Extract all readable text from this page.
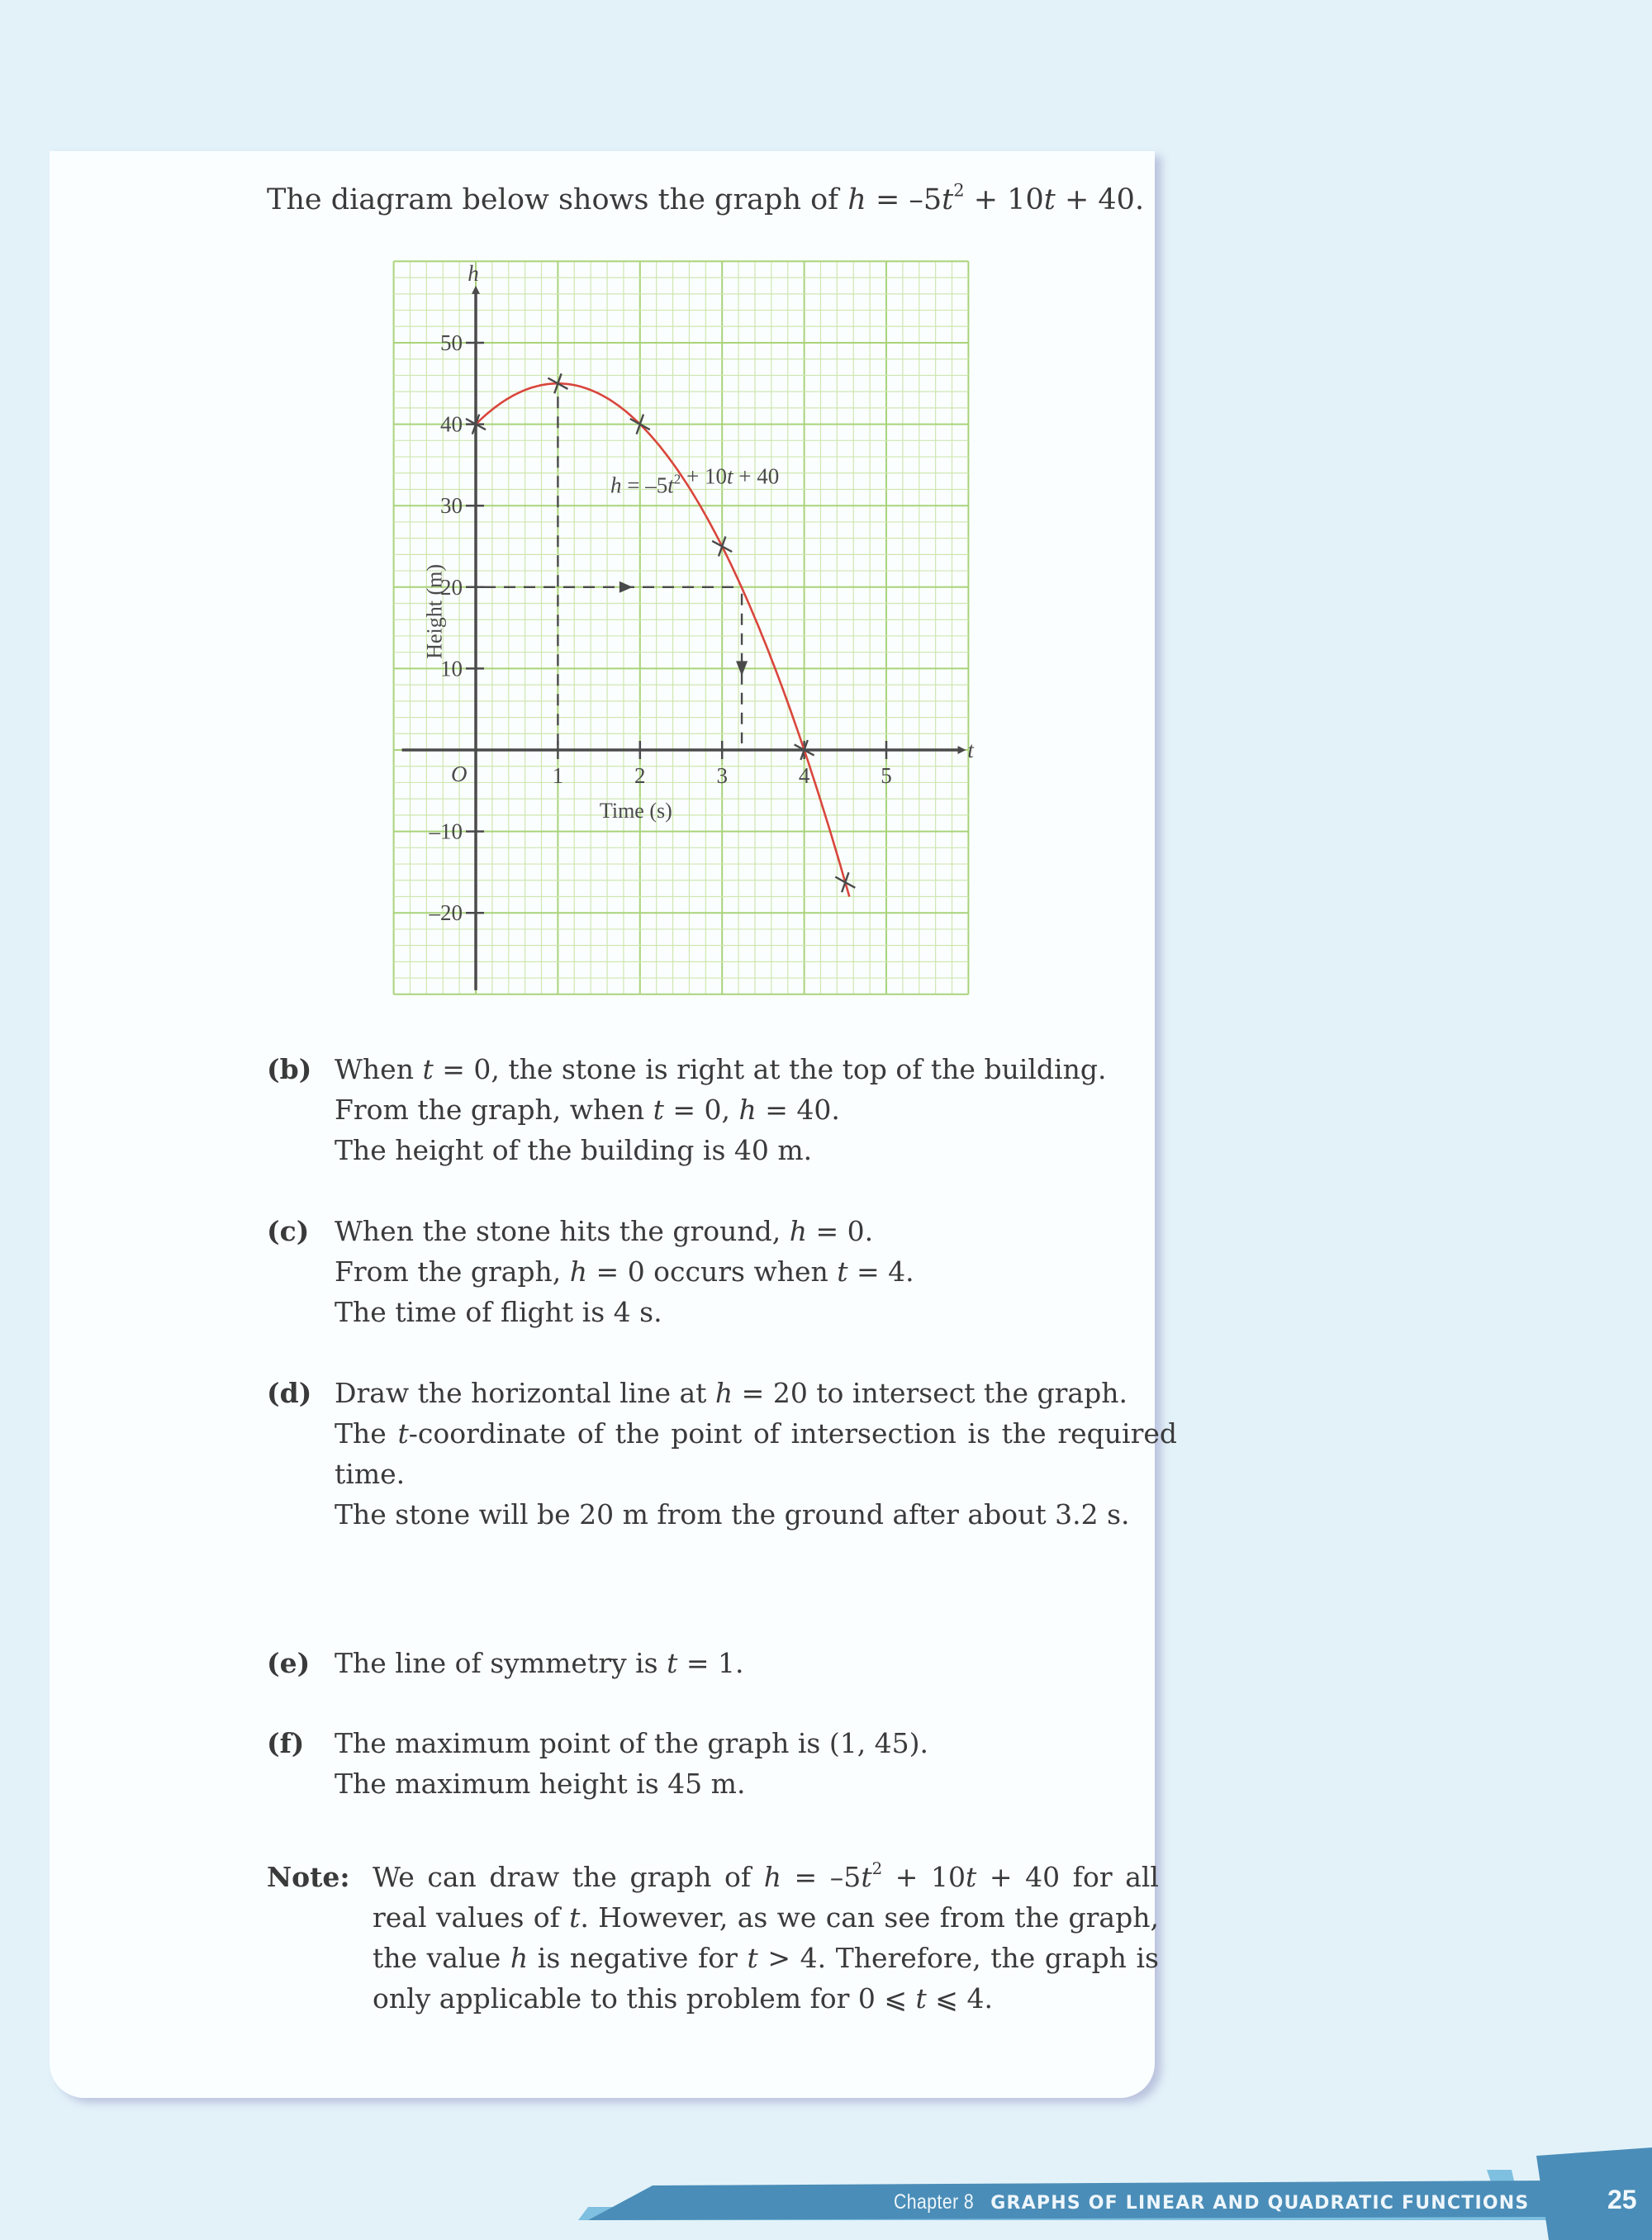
The diagram below shows the graph of $h = -5t^2 + 10t + 40$.
1	2	3	4	5
50
40
30
20
10
–10
–20
O
t
h
Time (s)
Height (m)
$h = -5t^2 + 10t + 40$
(b) When t = 0, the stone is right at the top of the building.

From the graph, when t = 0, h = 40.

The height of the building is 40 m.

(c) When the stone hits the ground, h = 0.

From the graph, h = 0 occurs when t = 4.

The time of flight is 4 s.

(d) Draw the horizontal line at h = 20 to intersect the graph.

The t-coordinate of the point of intersection is the required time.

The stone will be 20 m from the ground after about 3.2 s.

(e) The line of symmetry is t = 1.

(f) The maximum point of the graph is (1, 45).

The maximum height is 45 m.

Note: We can draw the graph of $h = -5t^2 + 10t + 40$ for all real values of t. However, as we can see from the graph, the value h is negative for t > 4. Therefore, the graph is only applicable to this problem for 0 ⩽ t ⩽ 4.
Chapter 8 GRAPHS OF LINEAR AND QUADRATIC FUNCTIONS	25
